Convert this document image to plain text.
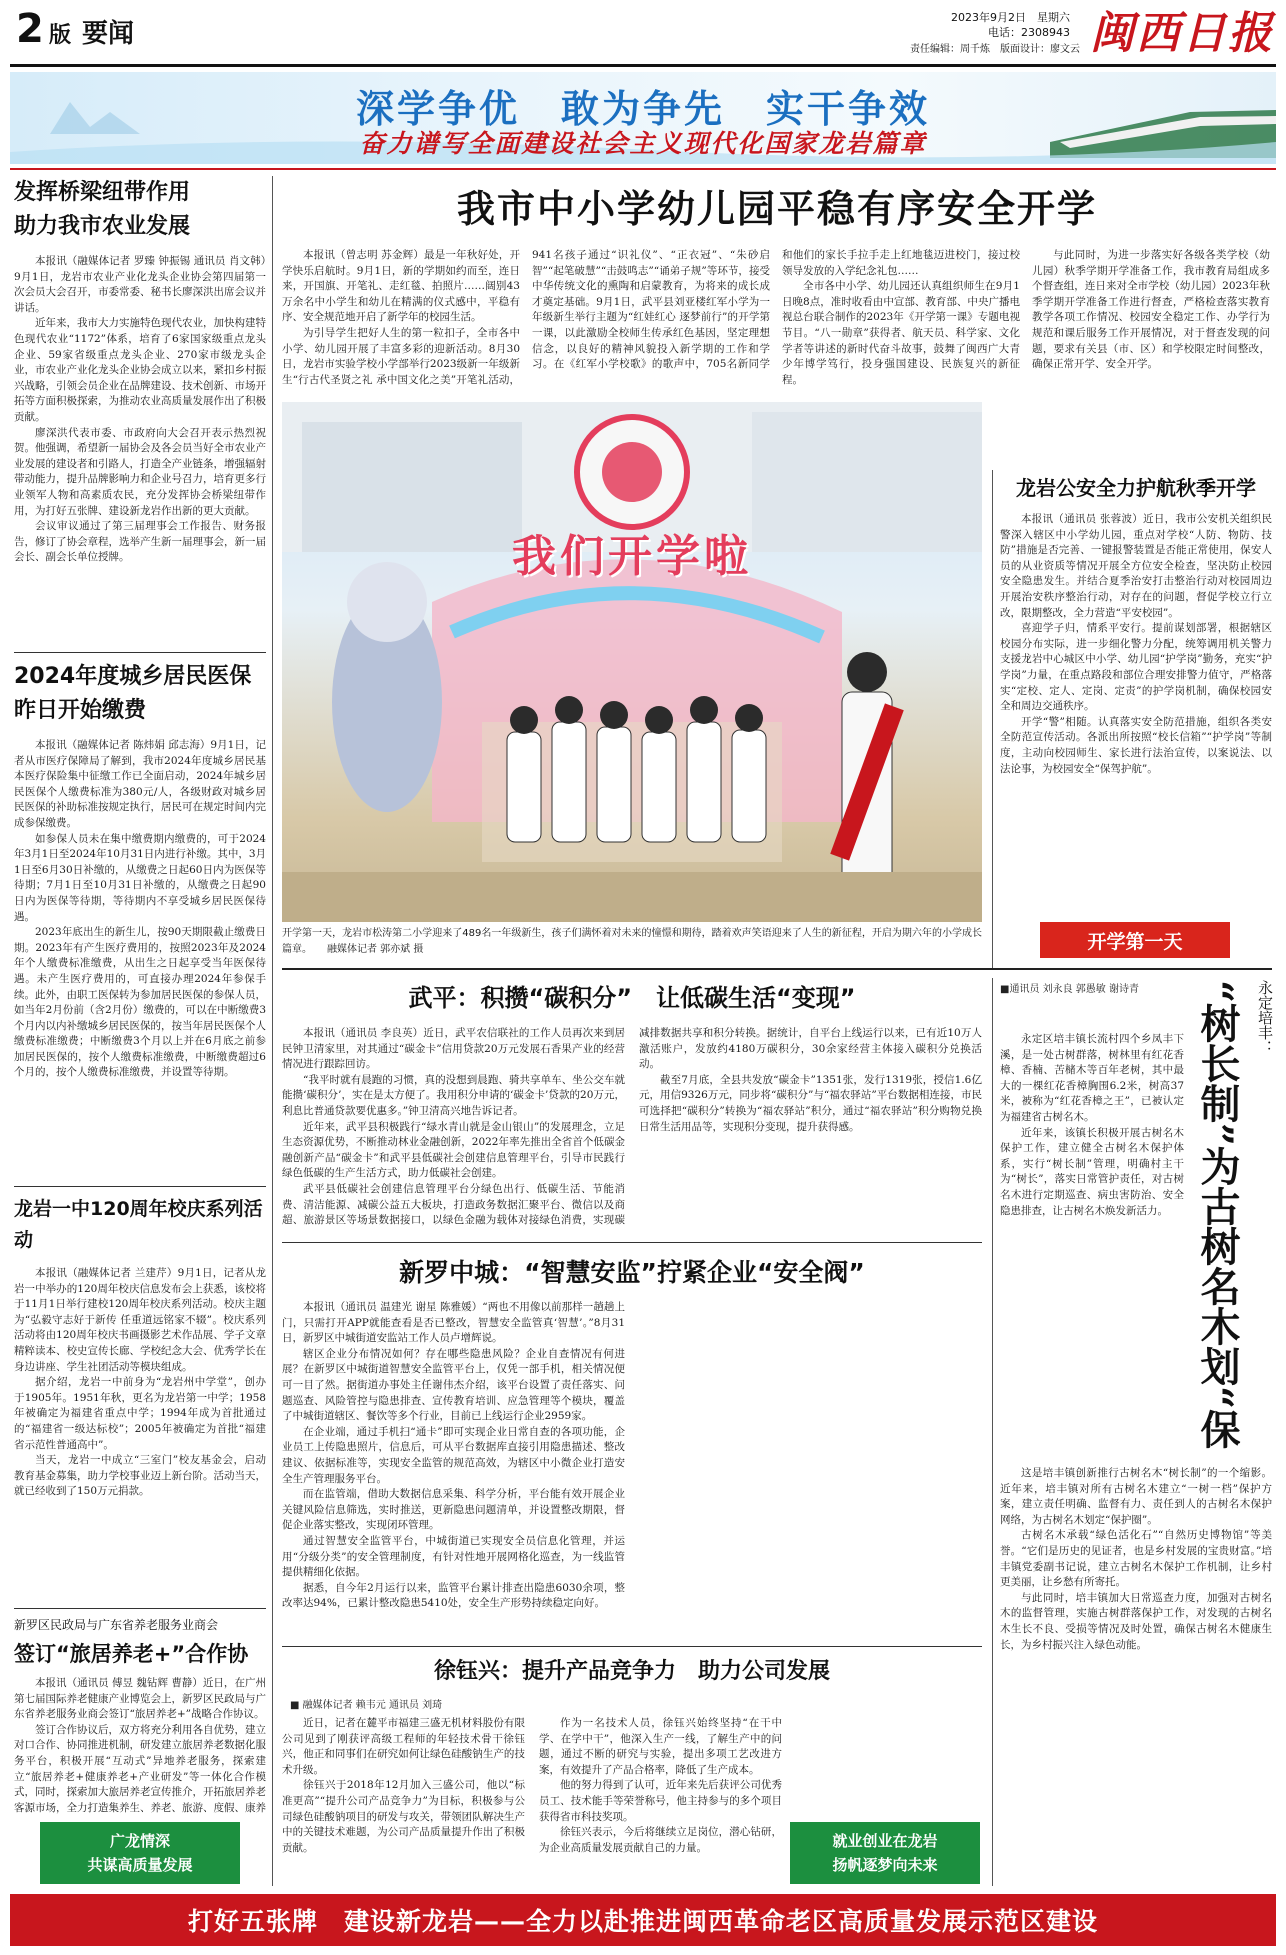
2 版 要闻
2023年9月2日　星期六
电话：2308943
责任编辑：周千炼　版面设计：廖文云 闽西日报
深学争优　敢为争先　实干争效
奋力谱写全面建设社会主义现代化国家龙岩篇章
发挥桥梁纽带作用
助力我市农业发展

本报讯（融媒体记者 罗臻 钟振锡 通讯员 肖文韩）9月1日，龙岩市农业产业化龙头企业协会第四届第一次会员大会召开，市委常委、秘书长廖深洪出席会议并讲话。

近年来，我市大力实施特色现代农业，加快构建特色现代农业“1172”体系，培育了6家国家级重点龙头企业、59家省级重点龙头企业、270家市级龙头企业，市农业产业化龙头企业协会成立以来，紧扣乡村振兴战略，引领会员企业在品牌建设、技术创新、市场开拓等方面积极探索，为推动农业高质量发展作出了积极贡献。

廖深洪代表市委、市政府向大会召开表示热烈祝贺。他强调，希望新一届协会及各会员当好全市农业产业发展的建设者和引路人，打造全产业链条，增强辐射带动能力，提升品牌影响力和企业号召力，培育更多行业领军人物和高素质农民，充分发挥协会桥梁纽带作用，为打好五张牌、建设新龙岩作出新的更大贡献。

会议审议通过了第三届理事会工作报告、财务报告，修订了协会章程，选举产生新一届理事会，新一届会长、副会长单位授牌。

2024年度城乡居民医保
昨日开始缴费

本报讯（融媒体记者 陈炜娟 邱志海）9月1日，记者从市医疗保障局了解到，我市2024年度城乡居民基本医疗保险集中征缴工作已全面启动，2024年城乡居民医保个人缴费标准为380元/人，各级财政对城乡居民医保的补助标准按规定执行，居民可在规定时间内完成参保缴费。

如参保人员未在集中缴费期内缴费的，可于2024年3月1日至2024年10月31日内进行补缴。其中，3月1日至6月30日补缴的，从缴费之日起60日内为医保等待期；7月1日至10月31日补缴的，从缴费之日起90日内为医保等待期，等待期内不享受城乡居民医保待遇。

2023年底出生的新生儿，按90天期限截止缴费日期。2023年有产生医疗费用的，按照2023年及2024年个人缴费标准缴费，从出生之日起享受当年医保待遇。未产生医疗费用的，可直接办理2024年参保手续。此外，由职工医保转为参加居民医保的参保人员，如当年2月份前（含2月份）缴费的，可以在中断缴费3个月内以内补缴城乡居民医保的，按当年居民医保个人缴费标准缴费；中断缴费3个月以上并在6月底之前参加居民医保的，按个人缴费标准缴费，中断缴费超过6个月的，按个人缴费标准缴费，并设置等待期。

龙岩一中120周年校庆系列活动

本报讯（融媒体记者 兰建芹）9月1日，记者从龙岩一中举办的120周年校庆信息发布会上获悉，该校将于11月1日举行建校120周年校庆系列活动。校庆主题为“弘毅守志好于新传 任重道远铭家不辍”。校庆系列活动将由120周年校庆书画摄影艺术作品展、学子文章精粹读本、校史宣传长廊、学校纪念大会、优秀学长在身边讲座、学生社团活动等模块组成。

据介绍，龙岩一中前身为“龙岩州中学堂”，创办于1905年。1951年秋，更名为龙岩第一中学；1958年被确定为福建省重点中学；1994年成为首批通过的“福建省一级达标校”；2005年被确定为首批“福建省示范性普通高中”。

当天，龙岩一中成立“三室门”校友基金会，启动教育基金募集，助力学校事业迈上新台阶。活动当天，就已经收到了150万元捐款。

新罗区民政局与广东省养老服务业商会
签订“旅居养老+”合作协

本报讯（通讯员 傅昱 魏钻辉 曹静）近日，在广州第七届国际养老健康产业博览会上，新罗区民政局与广东省养老服务业商会签订“旅居养老+”战略合作协议。

签订合作协议后，双方将充分利用各自优势，建立对口合作、协同推进机制，研发建立旅居养老数据化服务平台，积极开展“互动式”异地养老服务，探索建立“旅居养老+健康养老+产业研发”等一体化合作模式，同时，探索加大旅居养老宣传推介，开拓旅居养老客源市场，全力打造集养生、养老、旅游、度假、康养

广龙情深
共谋高质量发展
我市中小学幼儿园平稳有序安全开学

本报讯（曾志明 苏金辉）最是一年秋好处，开学快乐启航时。9月1日，新的学期如约而至，连日来，开国旗、开笔礼、走红毯、拍照片……阔别43万余名中小学生和幼儿在精满的仪式感中，平稳有序、安全规范地开启了新学年的校园生活。

为引导学生把好人生的第一粒扣子，全市各中小学、幼儿园开展了丰富多彩的迎新活动。8月30日，龙岩市实验学校小学部举行2023级新一年级新生“行古代圣贤之礼 承中国文化之美”开笔礼活动，941名孩子通过“识礼仪”、“正衣冠”、“朱砂启智”“起笔破慧”“击鼓鸣志”“诵弟子规”等环节，接受中华传统文化的熏陶和启蒙教育，为将来的成长成才奠定基础。9月1日，武平县刘亚楼红军小学为一年级新生举行主题为“红娃红心 逐梦前行”的开学第一课，以此激励全校师生传承红色基因，坚定理想信念，以良好的精神风貌投入新学期的工作和学习。在《红军小学校歌》的歌声中，705名新同学和他们的家长手拉手走上红地毯迈进校门，接过校领导发放的入学纪念礼包……

全市各中小学、幼儿园还认真组织师生在9月1日晚8点，准时收看由中宣部、教育部、中央广播电视总台联合制作的2023年《开学第一课》专题电视节目。“八一勋章”获得者、航天员、科学家、文化学者等讲述的新时代奋斗故事，鼓舞了闽西广大青少年博学笃行，投身强国建设、民族复兴的新征程。

与此同时，为进一步落实好各级各类学校（幼儿园）秋季学期开学准备工作，我市教育局组成多个督查组，连日来对全市学校（幼儿园）2023年秋季学期开学准备工作进行督查，严格检查落实教育教学各项工作情况、校园安全稳定工作、办学行为规范和课后服务工作开展情况，对于督查发现的问题，要求有关县（市、区）和学校限定时间整改，确保正常开学、安全开学。

我们开学啦
开学第一天，龙岩市松涛第二小学迎来了489名一年级新生，孩子们满怀着对未来的憧憬和期待，踏着欢声笑语迎来了人生的新征程，开启为期六年的小学成长篇章。　　融媒体记者 郭亦斌 摄
龙岩公安全力护航秋季开学

本报讯（通讯员 张蓉波）近日，我市公安机关组织民警深入辖区中小学幼儿园，重点对学校“人防、物防、技防”措施是否完善、一键报警装置是否能正常使用，保安人员的从业资质等情况开展全方位安全检查，坚决防止校园安全隐患发生。并结合夏季治安打击整治行动对校园周边开展治安秩序整治行动，对存在的问题，督促学校立行立改，限期整改，全力营造“平安校园”。

喜迎学子归，情系平安行。提前谋划部署，根据辖区校园分布实际，进一步细化警力分配，统筹调用机关警力支援龙岩中心城区中小学、幼儿园“护学岗”勤务，充实“护学岗”力量，在重点路段和部位合理安排警力值守，严格落实“定校、定人、定岗、定责”的护学岗机制，确保校园安全和周边交通秩序。

开学“警”相随。认真落实安全防范措施，组织各类安全防范宣传活动。各派出所按照“校长信箱”“护学岗”等制度，主动向校园师生、家长进行法治宣传，以案说法、以法论事，为校园安全“保驾护航”。

开学第一天
武平：积攒“碳积分”　让低碳生活“变现”

本报讯（通讯员 李良英）近日，武平农信联社的工作人员再次来到居民钟卫清家里，对其通过“碳金卡”信用贷款20万元发展石香果产业的经营情况进行跟踪回访。

“我平时就有晨跑的习惯，真的没想到晨跑、骑共享单车、坐公交车就能攒‘碳积分’，实在是太方便了。我用积分申请的‘碳金卡’贷款的20万元，利息比普通贷款要优惠多。”钟卫清高兴地告诉记者。

近年来，武平县积极践行“绿水青山就是金山银山”的发展理念，立足生态资源优势，不断推动林业金融创新，2022年率先推出全省首个低碳金融创新产品“碳金卡”和武平县低碳社会创建信息管理平台，引导市民践行绿色低碳的生产生活方式，助力低碳社会创建。

武平县低碳社会创建信息管理平台分绿色出行、低碳生活、节能消费、清洁能源、减碳公益五大板块，打造政务数据汇聚平台、微信以及商超、旅游景区等场景数据接口，以绿色金融为载体对接绿色消费，实现碳减排数据共享和积分转换。据统计，自平台上线运行以来，已有近10万人激活账户，发放约4180万碳积分，30余家经营主体接入碳积分兑换活动。

截至7月底，全县共发放“碳金卡”1351张，发行1319张，授信1.6亿元，用信9326万元，同步将“碳积分”与“福农驿站”平台数据相连接，市民可选择把“碳积分”转换为“福农驿站”积分，通过“福农驿站”积分购物兑换日常生活用品等，实现积分变现，提升获得感。

新罗中城：“智慧安监”拧紧企业“安全阀”

本报讯（通讯员 温建光 谢星 陈雅媛）“两也不用像以前那样一趟趟上门，只需打开APP就能查看是否已整改，智慧安全监管真‘智慧’。”8月31日，新罗区中城街道安监站工作人员卢增辉说。

辖区企业分布情况如何？存在哪些隐患风险？企业自查情况有何进展？在新罗区中城街道智慧安全监管平台上，仅凭一部手机，相关情况便可一目了然。据街道办事处主任谢伟杰介绍，该平台设置了责任落实、问题巡查、风险管控与隐患排查、宣传教育培训、应急管理等个模块，覆盖了中城街道辖区、餐饮等多个行业，目前已上线运行企业2959家。

在企业端，通过手机扫“通卡”即可实现企业日常自查的各项功能，企业员工上传隐患照片，信息后，可从平台数据库直接引用隐患描述、整改建议、依据标准等，实现安全监管的规范高效，为辖区中小微企业打造安全生产管理服务平台。

而在监管端，借助大数据信息采集、科学分析，平台能有效开展企业关键风险信息筛选，实时推送，更新隐患问题清单，并设置整改期限，督促企业落实整改，实现闭环管理。

通过智慧安全监管平台，中城街道已实现安全员信息化管理，并运用“分级分类”的安全管理制度，有针对性地开展网格化巡查，为一线监管提供精细化依据。

据悉，自今年2月运行以来，监管平台累计排查出隐患6030余项，整改率达94%，已累计整改隐患5410处，安全生产形势持续稳定向好。

徐钰兴：提升产品竞争力　助力公司发展
■ 融媒体记者 赖韦元 通讯员 刘琦

近日，记者在麓平市福建三盛无机材料股份有限公司见到了刚获评高级工程师的年轻技术骨干徐钰兴，他正和同事们在研究如何让绿色硅酸钠生产的技术升级。

徐钰兴于2018年12月加入三盛公司，他以“标准更高”“提升公司产品竞争力”为目标，积极参与公司绿色硅酸钠项目的研发与攻关，带领团队解决生产中的关键技术难题，为公司产品质量提升作出了积极贡献。

作为一名技术人员，徐钰兴始终坚持“在干中学、在学中干”，他深入生产一线，了解生产中的问题，通过不断的研究与实验，提出多项工艺改进方案，有效提升了产品合格率，降低了生产成本。

他的努力得到了认可，近年来先后获评公司优秀员工、技术能手等荣誉称号，他主持参与的多个项目获得省市科技奖项。

徐钰兴表示，今后将继续立足岗位，潜心钻研，为企业高质量发展贡献自己的力量。	就业创业在龙岩
扬帆逐梦向未来
永定培丰：
“树长制”为古树名木划“保
■通讯员 刘永良 郭愚敏 谢诗青

永定区培丰镇长流村四个乡凤丰下溪，是一处古树群落，树林里有红花香樟、香楠、苦槠木等百年老树，其中最大的一棵红花香樟胸围6.2米，树高37米，被称为“红花香樟之王”，已被认定为福建省古树名木。

近年来，该镇长积极开展古树名木保护工作，建立健全古树名木保护体系，实行“树长制”管理，明确村主干为“树长”，落实日常管护责任，对古树名木进行定期巡查、病虫害防治、安全隐患排查，让古树名木焕发新活力。

这是培丰镇创新推行古树名木“树长制”的一个缩影。近年来，培丰镇对所有古树名木建立“一树一档”保护方案，建立责任明确、监督有力、责任到人的古树名木保护网络，为古树名木划定“保护圈”。

古树名木承载“绿色活化石”“自然历史博物馆”等美誉。“它们是历史的见证者，也是乡村发展的宝贵财富。”培丰镇党委副书记说，建立古树名木保护工作机制，让乡村更美丽，让乡愁有所寄托。

与此同时，培丰镇加大日常巡查力度，加强对古树名木的监督管理，实施古树群落保护工作，对发现的古树名木生长不良、受损等情况及时处置，确保古树名木健康生长，为乡村振兴注入绿色动能。

打好五张牌　建设新龙岩——全力以赴推进闽西革命老区高质量发展示范区建设
